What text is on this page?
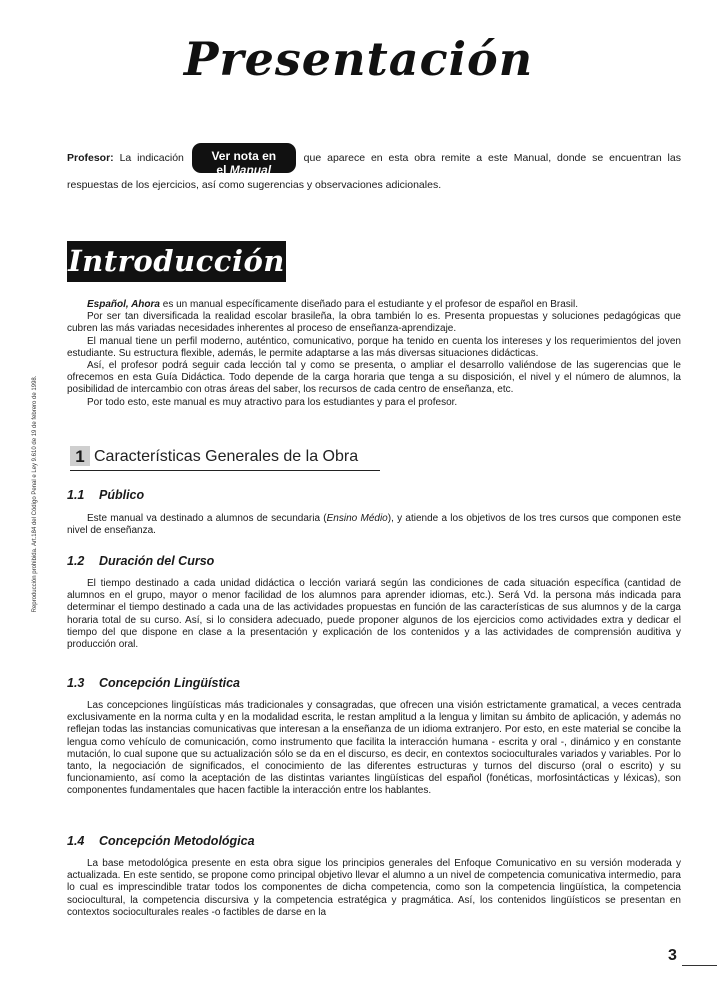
Presentación
Profesor: La indicación	Ver nota en
el Manual
que aparece en esta obra remite a este Manual, donde se encuentran las respuestas de los ejercicios, así como sugerencias y observaciones adicionales.
Introducción

Español, Ahora es un manual específicamente diseñado para el estudiante y el profesor de español en Brasil.

Por ser tan diversificada la realidad escolar brasileña, la obra también lo es. Presenta propuestas y soluciones pedagógicas que cubren las más variadas necesidades inherentes al proceso de enseñanza-aprendizaje.

El manual tiene un perfil moderno, auténtico, comunicativo, porque ha tenido en cuenta los intereses y los requerimientos del joven estudiante. Su estructura flexible, además, le permite adaptarse a las más diversas situaciones didácticas.

Así, el profesor podrá seguir cada lección tal y como se presenta, o ampliar el desarrollo valiéndose de las sugerencias que le ofrecemos en esta Guía Didáctica. Todo depende de la carga horaria que tenga a su disposición, el nivel y el número de alumnos, la posibilidad de intercambio con otras áreas del saber, los recursos de cada centro de enseñanza, etc.

Por todo esto, este manual es muy atractivo para los estudiantes y para el profesor.

1 Características Generales de la Obra
1.1 Público

Este manual va destinado a alumnos de secundaria (Ensino Médio), y atiende a los objetivos de los tres cursos que componen este nivel de enseñanza.

1.2 Duración del Curso

El tiempo destinado a cada unidad didáctica o lección variará según las condiciones de cada situación específica (cantidad de alumnos en el grupo, mayor o menor facilidad de los alumnos para aprender idiomas, etc.). Será Vd. la persona más indicada para determinar el tiempo destinado a cada una de las actividades propuestas en función de las características de sus alumnos y de la carga horaria total de su curso. Así, si lo considera adecuado, puede proponer algunos de los ejercicios como actividades extra y dedicar el tiempo del que dispone en clase a la presentación y explicación de los contenidos y a las actividades de comprensión auditiva y producción oral.

1.3 Concepción Lingüística

Las concepciones lingüísticas más tradicionales y consagradas, que ofrecen una visión estrictamente gramatical, a veces centrada exclusivamente en la norma culta y en la modalidad escrita, le restan amplitud a la lengua y limitan su ámbito de aplicación, y además no reflejan todas las instancias comunicativas que interesan a la enseñanza de un idioma extranjero. Por esto, en este material se concibe la lengua como vehículo de comunicación, como instrumento que facilita la interacción humana - escrita y oral -, dinámico y en constante mutación, lo cual supone que su actualización sólo se da en el discurso, es decir, en contextos socioculturales variados y variables. Por lo tanto, la negociación de significados, el conocimiento de las diferentes estructuras y turnos del discurso (oral o escrito) y su funcionamiento, así como la aceptación de las distintas variantes lingüísticas del español (fonéticas, morfosintácticas y léxicas), son componentes fundamentales que hacen factible la interacción entre los hablantes.

1.4 Concepción Metodológica

La base metodológica presente en esta obra sigue los principios generales del Enfoque Comunicativo en su versión moderada y actualizada. En este sentido, se propone como principal objetivo llevar el alumno a un nivel de competencia comunicativa intermedio, para lo cual es imprescindible tratar todos los componentes de dicha competencia, como son la competencia lingüística, la competencia sociocultural, la competencia discursiva y la competencia estratégica y pragmática. Así, los contenidos lingüísticos se presentan en contextos socioculturales reales -o factibles de darse en la

Reproducción prohibida. Art.184 del Código Penal e Ley 9.610 de 19 de febrero de 1998.
3
